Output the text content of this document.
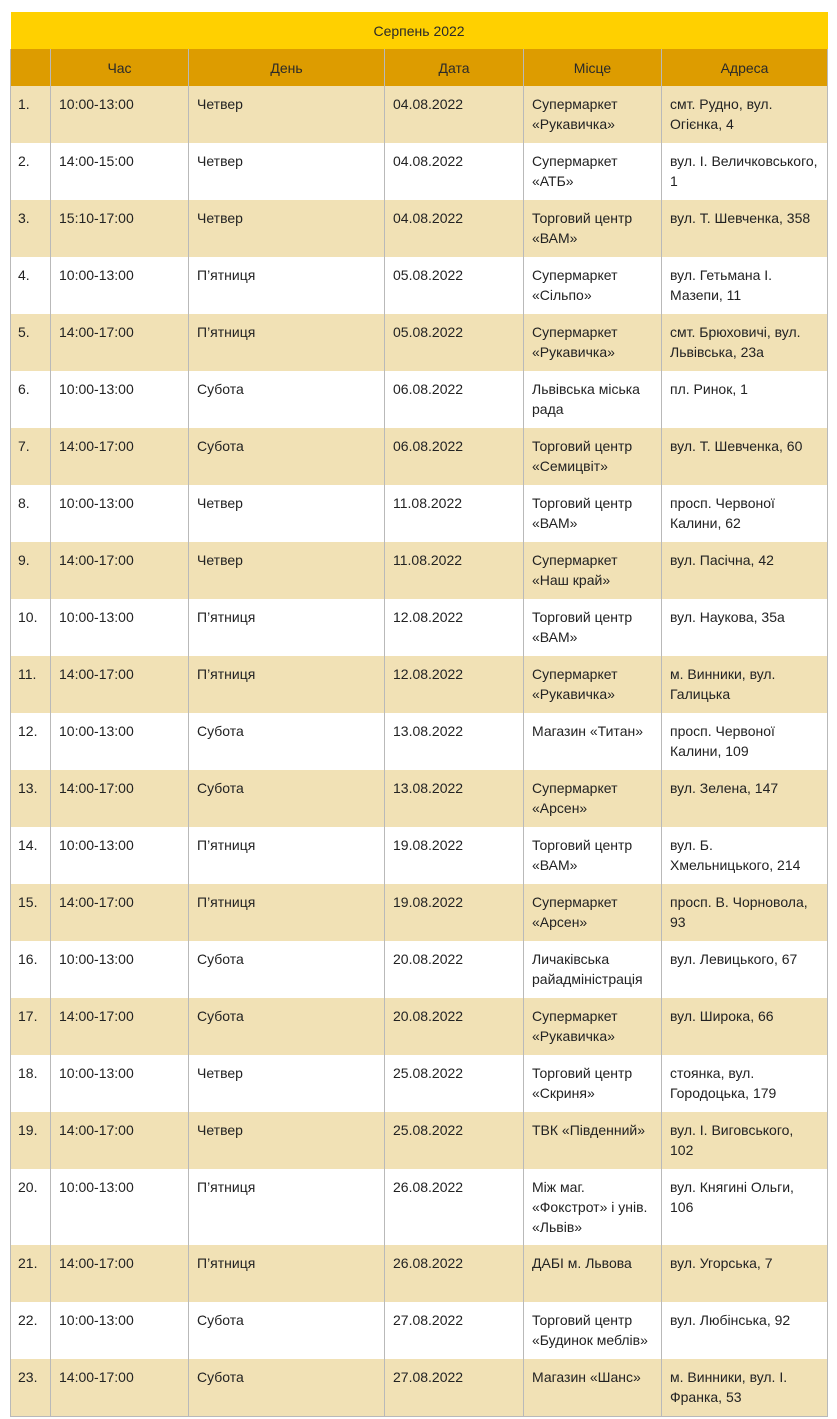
Серпень 2022					
	Час	День	Дата	Місце	Адреса

1.	10:00-13:00	Четвер	04.08.2022	Супермаркет «Рукавичка»	смт. Рудно, вул. Огієнка, 4

2.	14:00-15:00	Четвер	04.08.2022	Супермаркет «АТБ»	вул. І. Величковського, 1

3.	15:10-17:00	Четвер	04.08.2022	Торговий центр «ВАМ»	вул. Т. Шевченка, 358

4.	10:00-13:00	П’ятниця	05.08.2022	Супермаркет «Сільпо»	вул. Гетьмана І. Мазепи, 11

5.	14:00-17:00	П’ятниця	05.08.2022	Супермаркет «Рукавичка»	смт. Брюховичі, вул. Львівська, 23а

6.	10:00-13:00	Субота	06.08.2022	Львівська міська рада	пл. Ринок, 1

7.	14:00-17:00	Субота	06.08.2022	Торговий центр «Семицвіт»	вул. Т. Шевченка, 60

8.	10:00-13:00	Четвер	11.08.2022	Торговий центр «ВАМ»	просп. Червоної Калини, 62

9.	14:00-17:00	Четвер	11.08.2022	Супермаркет «Наш край»	вул. Пасічна, 42

10.	10:00-13:00	П’ятниця	12.08.2022	Торговий центр «ВАМ»	вул. Наукова, 35а

11.	14:00-17:00	П’ятниця	12.08.2022	Супермаркет «Рукавичка»	м. Винники, вул. Галицька

12.	10:00-13:00	Субота	13.08.2022	Магазин «Титан»	просп. Червоної Калини, 109

13.	14:00-17:00	Субота	13.08.2022	Супермаркет «Арсен»	вул. Зелена, 147

14.	10:00-13:00	П’ятниця	19.08.2022	Торговий центр «ВАМ»	вул. Б. Хмельницького, 214

15.	14:00-17:00	П’ятниця	19.08.2022	Супермаркет «Арсен»	просп. В. Чорновола, 93

16.	10:00-13:00	Субота	20.08.2022	Личаківська райадміністрація	вул. Левицького, 67

17.	14:00-17:00	Субота	20.08.2022	Супермаркет «Рукавичка»	вул. Широка, 66

18.	10:00-13:00	Четвер	25.08.2022	Торговий центр «Скриня»	стоянка, вул. Городоцька, 179

19.	14:00-17:00	Четвер	25.08.2022	ТВК «Південний»	вул. І. Виговського, 102

20.	10:00-13:00	П’ятниця	26.08.2022	Між маг. «Фокстрот» і унів. «Львів»	вул. Княгині Ольги, 106

21.	14:00-17:00	П’ятниця	26.08.2022	ДАБІ м. Львова	вул. Угорська, 7

22.	10:00-13:00	Субота	27.08.2022	Торговий центр «Будинок меблів»	вул. Любінська, 92

23.	14:00-17:00	Субота	27.08.2022	Магазин «Шанс»	м. Винники, вул. І. Франка, 53
